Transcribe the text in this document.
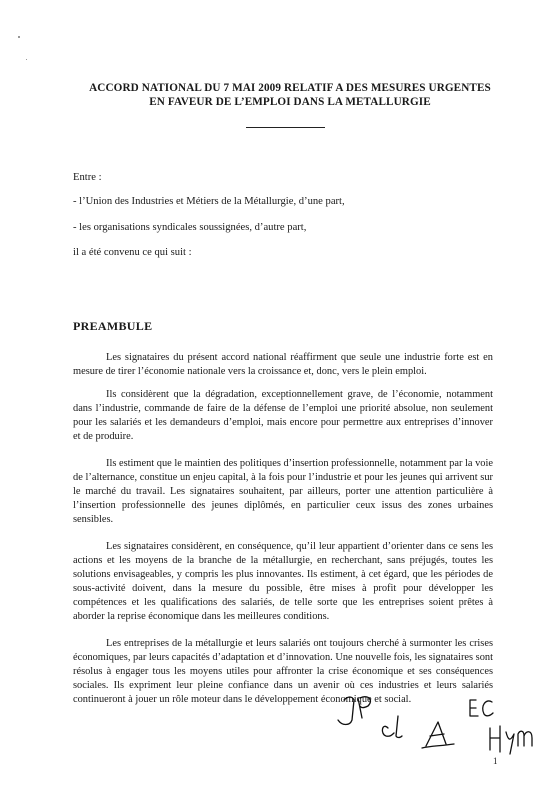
ACCORD NATIONAL DU 7 MAI 2009 RELATIF A DES MESURES URGENTES
EN FAVEUR DE L’EMPLOI DANS LA METALLURGIE
Entre :
- l’Union des Industries et Métiers de la Métallurgie, d’une part,
- les organisations syndicales soussignées, d’autre part,
il a été convenu ce qui suit :
PREAMBULE

Les signataires du présent accord national réaffirment que seule une industrie forte est en mesure de tirer l’économie nationale vers la croissance et, donc, vers le plein emploi.

Ils considèrent que la dégradation, exceptionnellement grave, de l’économie, notamment dans l’industrie, commande de faire de la défense de l’emploi une priorité absolue, non seulement pour les salariés et les demandeurs d’emploi, mais encore pour permettre aux entreprises d’innover et de produire.

Ils estiment que le maintien des politiques d’insertion professionnelle, notamment par la voie de l’alternance, constitue un enjeu capital, à la fois pour l’industrie et pour les jeunes qui arrivent sur le marché du travail. Les signataires souhaitent, par ailleurs, porter une attention particulière à l’insertion professionnelle des jeunes diplômés, en particulier ceux issus des zones urbaines sensibles.

Les signataires considèrent, en conséquence, qu’il leur appartient d’orienter dans ce sens les actions et les moyens de la branche de la métallurgie, en recherchant, sans préjugés, toutes les solutions envisageables, y compris les plus innovantes. Ils estiment, à cet égard, que les périodes de sous-activité doivent, dans la mesure du possible, être mises à profit pour développer les compétences et les qualifications des salariés, de telle sorte que les entreprises soient prêtes à aborder la reprise économique dans les meilleures conditions.

Les entreprises de la métallurgie et leurs salariés ont toujours cherché à surmonter les crises économiques, par leurs capacités d’adaptation et d’innovation. Une nouvelle fois, les signataires sont résolus à engager tous les moyens utiles pour affronter la crise économique et ses conséquences sociales. Ils expriment leur pleine confiance dans un avenir où ces industries et leurs salariés continueront à jouer un rôle moteur dans le développement économique et social.

1
